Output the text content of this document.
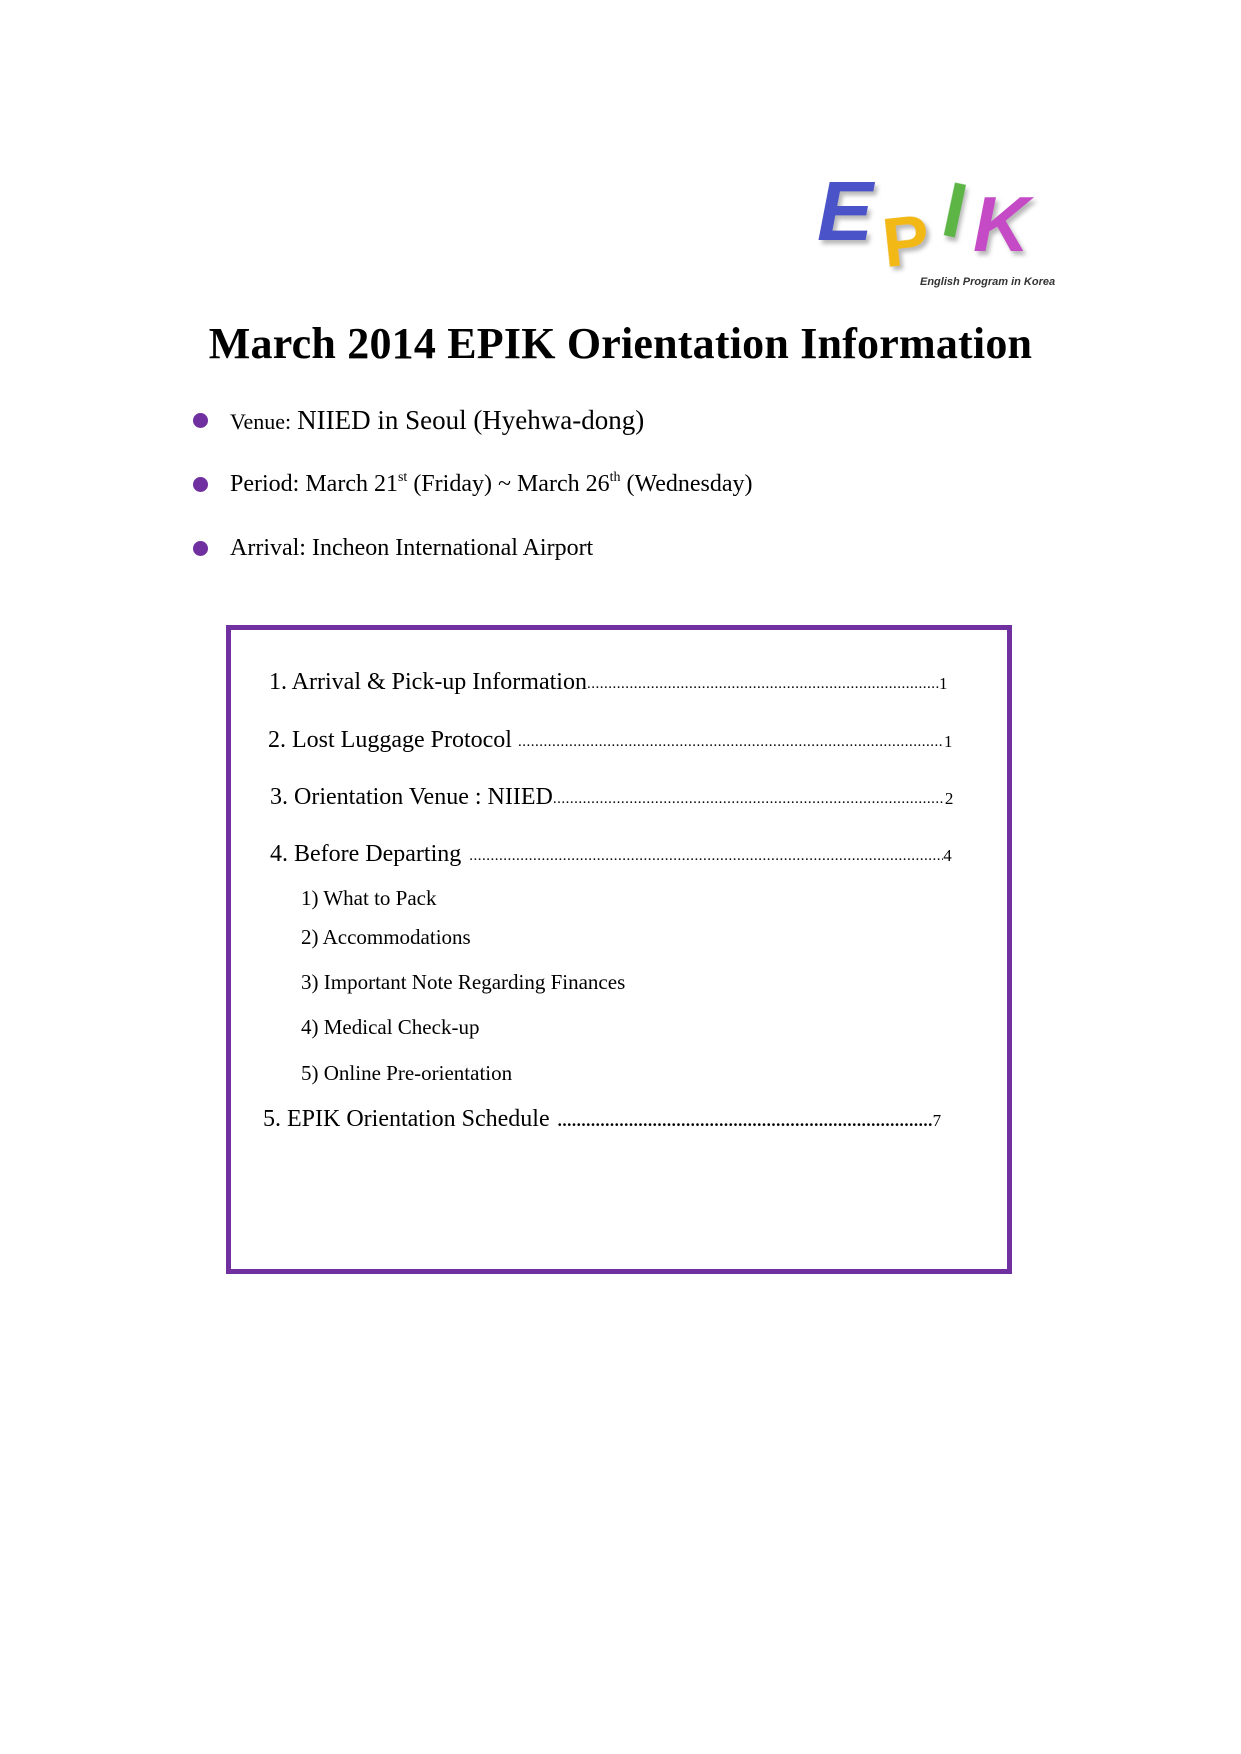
E P I
K
English Program in Korea
March 2014 EPIK Orientation Information
Venue: NIIED in Seoul (Hyehwa-dong)
Period: March 21st (Friday) ~ March 26th (Wednesday)
Arrival: Incheon International Airport
1. Arrival & Pick-up Information .....	1
2. Lost Luggage Protocol .....	1
3. Orientation Venue : NIIED .....	2
4. Before Departing .....	4
1) What to Pack
2) Accommodations
3) Important Note Regarding Finances
4) Medical Check-up
5) Online Pre-orientation
5. EPIK Orientation Schedule .....	7
